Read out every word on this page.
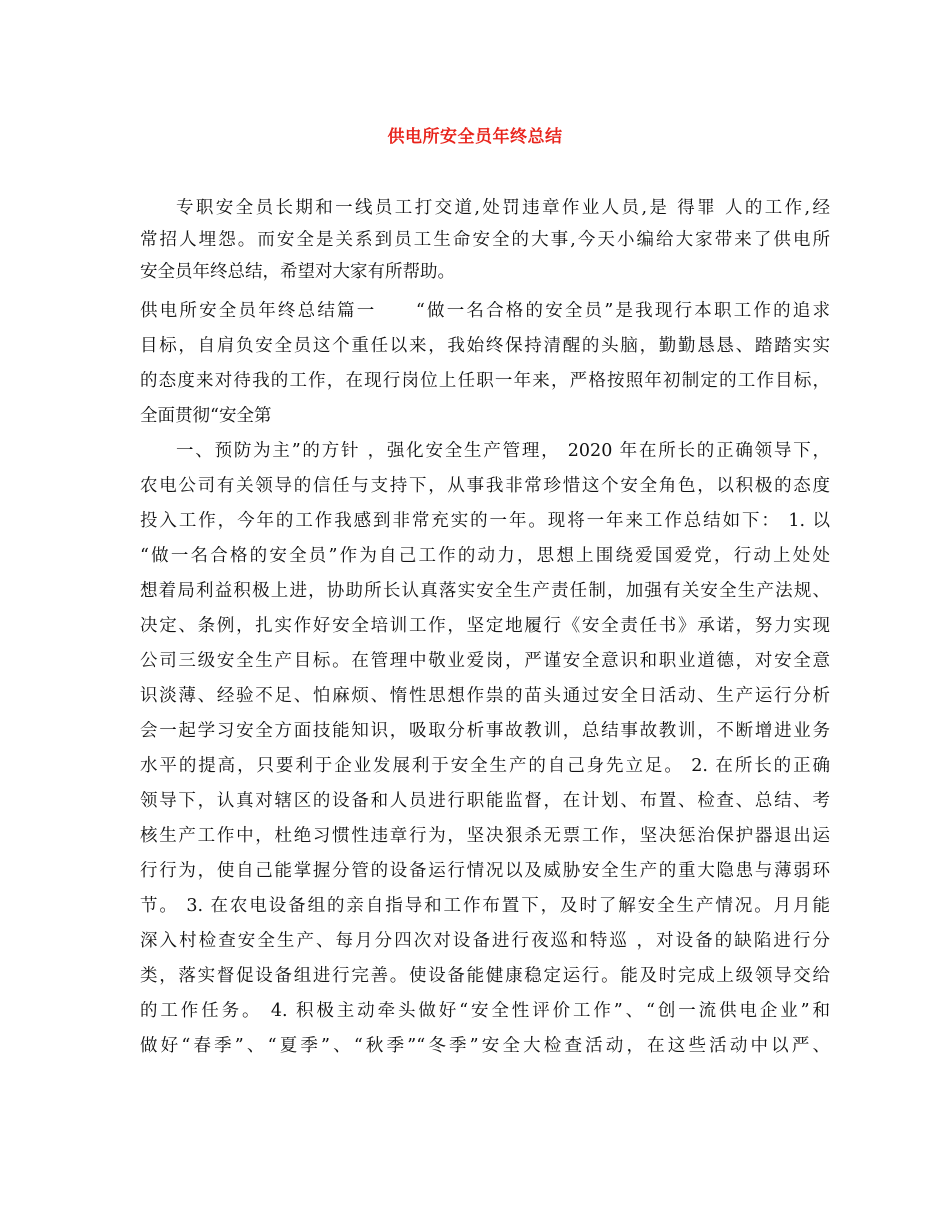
供电所安全员年终总结

专职安全员长期和一线员工打交道,处罚违章作业人员,是 得罪 人的工作,经

常招人埋怨。而安全是关系到员工生命安全的大事,今天小编给大家带来了供电所

安全员年终总结，希望对大家有所帮助。

供电所安全员年终总结篇一　　“做一名合格的安全员”是我现行本职工作的追求

目标，自肩负安全员这个重任以来，我始终保持清醒的头脑，勤勤恳恳、踏踏实实

的态度来对待我的工作，在现行岗位上任职一年来，严格按照年初制定的工作目标，

全面贯彻“安全第

一、预防为主”的方针 ，强化安全生产管理， 2020 年在所长的正确领导下，

农电公司有关领导的信任与支持下，从事我非常珍惜这个安全角色，以积极的态度

投入工作，今年的工作我感到非常充实的一年。现将一年来工作总结如下： 1. 以

“做一名合格的安全员”作为自己工作的动力，思想上围绕爱国爱党，行动上处处

想着局利益积极上进，协助所长认真落实安全生产责任制，加强有关安全生产法规、

决定、条例，扎实作好安全培训工作，坚定地履行《安全责任书》承诺，努力实现

公司三级安全生产目标。在管理中敬业爱岗，严谨安全意识和职业道德，对安全意

识淡薄、经验不足、怕麻烦、惰性思想作祟的苗头通过安全日活动、生产运行分析

会一起学习安全方面技能知识，吸取分析事故教训，总结事故教训，不断增进业务

水平的提高，只要利于企业发展利于安全生产的自己身先立足。 2. 在所长的正确

领导下，认真对辖区的设备和人员进行职能监督，在计划、布置、检查、总结、考

核生产工作中，杜绝习惯性违章行为，坚决狠杀无票工作，坚决惩治保护器退出运

行行为，使自己能掌握分管的设备运行情况以及威胁安全生产的重大隐患与薄弱环

节。 3. 在农电设备组的亲自指导和工作布置下，及时了解安全生产情况。月月能

深入村检查安全生产、每月分四次对设备进行夜巡和特巡 ，对设备的缺陷进行分

类，落实督促设备组进行完善。使设备能健康稳定运行。能及时完成上级领导交给

的工作任务。 4. 积极主动牵头做好“安全性评价工作”、“创一流供电企业”和

做好“春季”、“夏季”、“秋季”“冬季”安全大检查活动，在这些活动中以严、
